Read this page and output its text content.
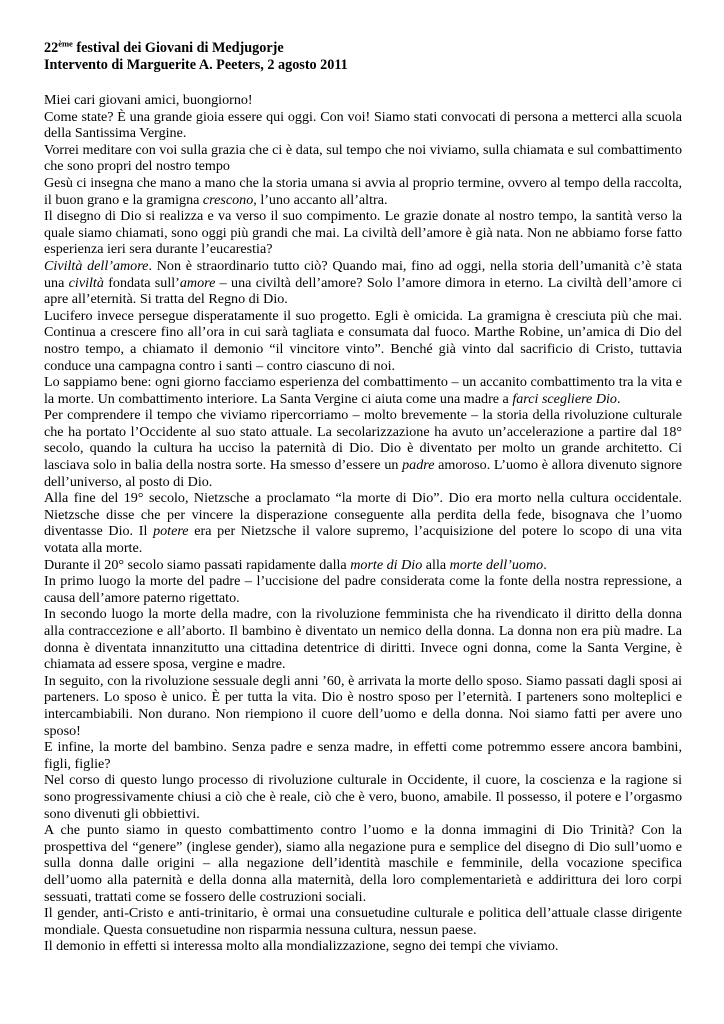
22ème festival dei Giovani di Medjugorje

Intervento di Marguerite A. Peeters, 2 agosto 2011

Miei cari giovani amici, buongiorno!

Come state? È una grande gioia essere qui oggi. Con voi! Siamo stati convocati di persona a metterci alla scuola della Santissima Vergine.

Vorrei meditare con voi sulla grazia che ci è data, sul tempo che noi viviamo, sulla chiamata e sul combattimento che sono propri del nostro tempo

Gesù ci insegna che mano a mano che la storia umana si avvia al proprio termine, ovvero al tempo della raccolta, il buon grano e la gramigna crescono, l’uno accanto all’altra.

Il disegno di Dio si realizza e va verso il suo compimento. Le grazie donate al nostro tempo, la santità verso la quale siamo chiamati, sono oggi più grandi che mai. La civiltà dell’amore è già nata. Non ne abbiamo forse fatto esperienza ieri sera durante l’eucarestia?

Civiltà dell’amore. Non è straordinario tutto ciò? Quando mai, fino ad oggi, nella storia dell’umanità c’è stata una civiltà fondata sull’amore – una civiltà dell’amore? Solo l’amore dimora in eterno. La civiltà dell’amore ci apre all’eternità. Si tratta del Regno di Dio.

Lucifero invece persegue disperatamente il suo progetto. Egli è omicida. La gramigna è cresciuta più che mai. Continua a crescere fino all’ora in cui sarà tagliata e consumata dal fuoco. Marthe Robine, un’amica di Dio del nostro tempo, a chiamato il demonio “il vincitore vinto”. Benché già vinto dal sacrificio di Cristo, tuttavia conduce una campagna contro i santi – contro ciascuno di noi.

Lo sappiamo bene: ogni giorno facciamo esperienza del combattimento – un accanito combattimento tra la vita e la morte. Un combattimento interiore. La Santa Vergine ci aiuta come una madre a farci scegliere Dio.

Per comprendere il tempo che viviamo ripercorriamo – molto brevemente – la storia della rivoluzione culturale che ha portato l’Occidente al suo stato attuale. La secolarizzazione ha avuto un’accelerazione a partire dal 18° secolo, quando la cultura ha ucciso la paternità di Dio. Dio è diventato per molto un grande architetto. Ci lasciava solo in balia della nostra sorte. Ha smesso d’essere un padre amoroso. L’uomo è allora divenuto signore dell’universo, al posto di Dio.

Alla fine del 19° secolo, Nietzsche a proclamato “la morte di Dio”. Dio era morto nella cultura occidentale. Nietzsche disse che per vincere la disperazione conseguente alla perdita della fede, bisognava che l’uomo diventasse Dio. Il potere era per Nietzsche il valore supremo, l’acquisizione del potere lo scopo di una vita votata alla morte.

Durante il 20° secolo siamo passati rapidamente dalla morte di Dio alla morte dell’uomo.

In primo luogo la morte del padre – l’uccisione del padre considerata come la fonte della nostra repressione, a causa dell’amore paterno rigettato.

In secondo luogo la morte della madre, con la rivoluzione femminista che ha rivendicato il diritto della donna alla contraccezione e all’aborto. Il bambino è diventato un nemico della donna. La donna non era più madre. La donna è diventata innanzitutto una cittadina detentrice di diritti. Invece ogni donna, come la Santa Vergine, è chiamata ad essere sposa, vergine e madre.

In seguito, con la rivoluzione sessuale degli anni ’60, è arrivata la morte dello sposo. Siamo passati dagli sposi ai parteners. Lo sposo è unico. È per tutta la vita. Dio è nostro sposo per l’eternità. I parteners sono molteplici e intercambiabili. Non durano. Non riempiono il cuore dell’uomo e della donna. Noi siamo fatti per avere uno sposo!

E infine, la morte del bambino. Senza padre e senza madre, in effetti come potremmo essere ancora bambini, figli, figlie?

Nel corso di questo lungo processo di rivoluzione culturale in Occidente, il cuore, la coscienza e la ragione si sono progressivamente chiusi a ciò che è reale, ciò che è vero, buono, amabile. Il possesso, il potere e l’orgasmo sono divenuti gli obbiettivi.

A che punto siamo in questo combattimento contro l’uomo e la donna immagini di Dio Trinità? Con la prospettiva del “genere” (inglese gender), siamo alla negazione pura e semplice del disegno di Dio sull’uomo e sulla donna dalle origini – alla negazione dell’identità maschile e femminile, della vocazione specifica dell’uomo alla paternità e della donna alla maternità, della loro complementarietà e addirittura dei loro corpi sessuati, trattati come se fossero delle costruzioni sociali.

Il gender, anti-Cristo e anti-trinitario, è ormai una consuetudine culturale e politica dell’attuale classe dirigente mondiale. Questa consuetudine non risparmia nessuna cultura, nessun paese.

Il demonio in effetti si interessa molto alla mondializzazione, segno dei tempi che viviamo.
